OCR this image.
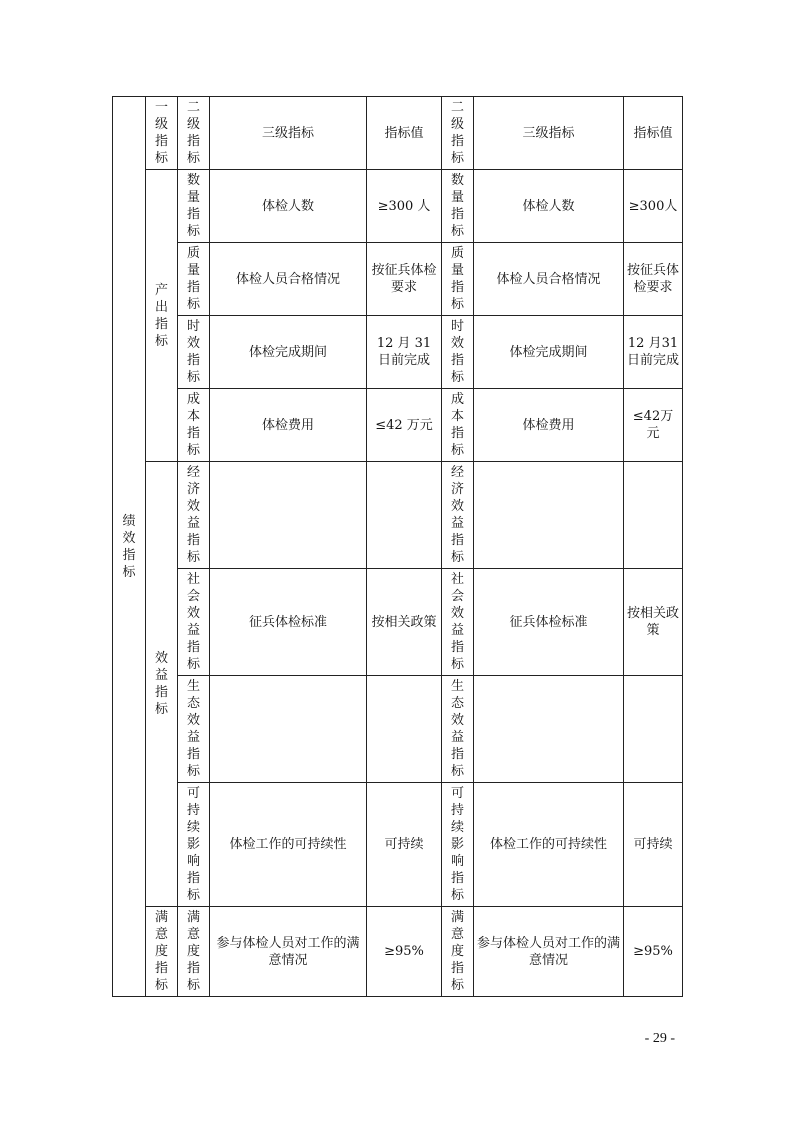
绩效指标	一级指标	二级指标	三级指标	指标值	二级指标	三级指标	指标值

	产出指标	数量指标	体检人数	≥300 人	数量指标	体检人数	≥300人

		质量指标	体检人员合格情况	按征兵体检要求	质量指标	体检人员合格情况	按征兵体检要求

		时效指标	体检完成期间	12 月 31 日前完成	时效指标	体检完成期间	12 月31 日前完成

		成本指标	体检费用	≤42 万元	成本指标	体检费用	≤42万元

	效益指标	经济效益指标			经济效益指标		

		社会效益指标	征兵体检标准	按相关政策	社会效益指标	征兵体检标准	按相关政策

		生态效益指标			生态效益指标		

		可持续影响指标	体检工作的可持续性	可持续	可持续影响指标	体检工作的可持续性	可持续

	满意度指标	满意度指标	参与体检人员对工作的满意情况	≥95%	满意度指标	参与体检人员对工作的满意情况	≥95%
- 29 -
